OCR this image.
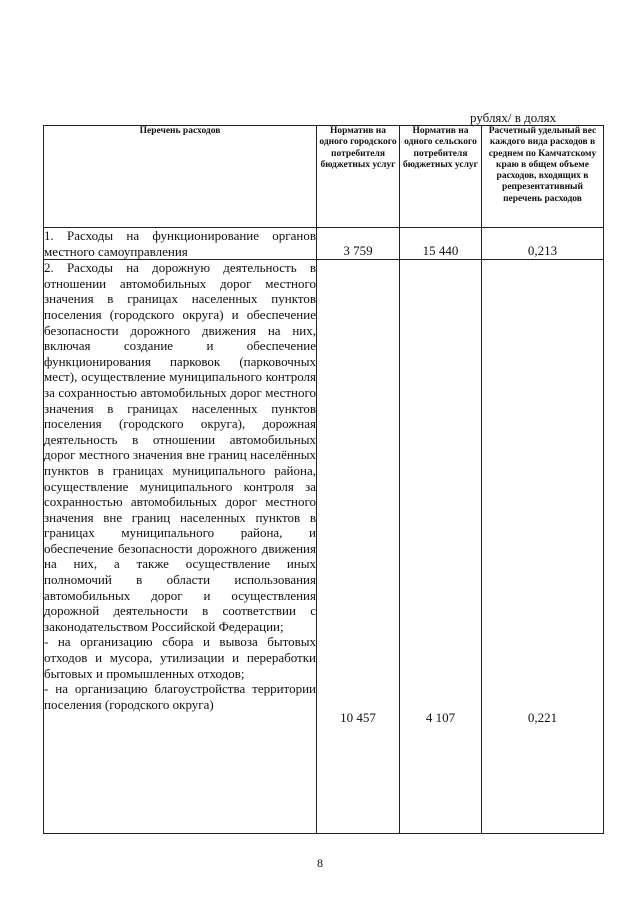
рублях/ в долях
Перечень расходов	Норматив на одного городского потребителя бюджетных услуг	Норматив на одного сельского потребителя бюджетных услуг	Расчетный удельный вес каждого вида расходов в среднем по Камчатскому краю в общем объеме расходов, входящих в репрезентативный перечень расходов
1. Расходы на функционирование органов местного самоуправления	3 759	15 440	0,213

2. Расходы на дорожную деятельность в отношении автомобильных дорог местного значения в границах населенных пунктов поселения (городского округа) и обеспечение безопасности дорожного движения на них, включая создание и обеспечение функционирования парковок (парковочных мест), осуществление муниципального контроля за сохранностью автомобильных дорог местного значения в границах населенных пунктов поселения (городского округа), дорожная деятельность в отношении автомобильных дорог местного значения вне границ населённых пунктов в границах муниципального района, осуществление муниципального контроля за сохранностью автомобильных дорог местного значения вне границ населенных пунктов в границах муниципального района, и обеспечение безопасности дорожного движения на них, а также осуществление иных полномочий в области использования автомобильных дорог и осуществления дорожной деятельности в соответствии с законодательством Российской Федерации;
- на организацию сбора и вывоза бытовых отходов и мусора, утилизации и переработки бытовых и промышленных отходов;
- на организацию благоустройства территории поселения (городского округа)	10 457	4 107	0,221
8
